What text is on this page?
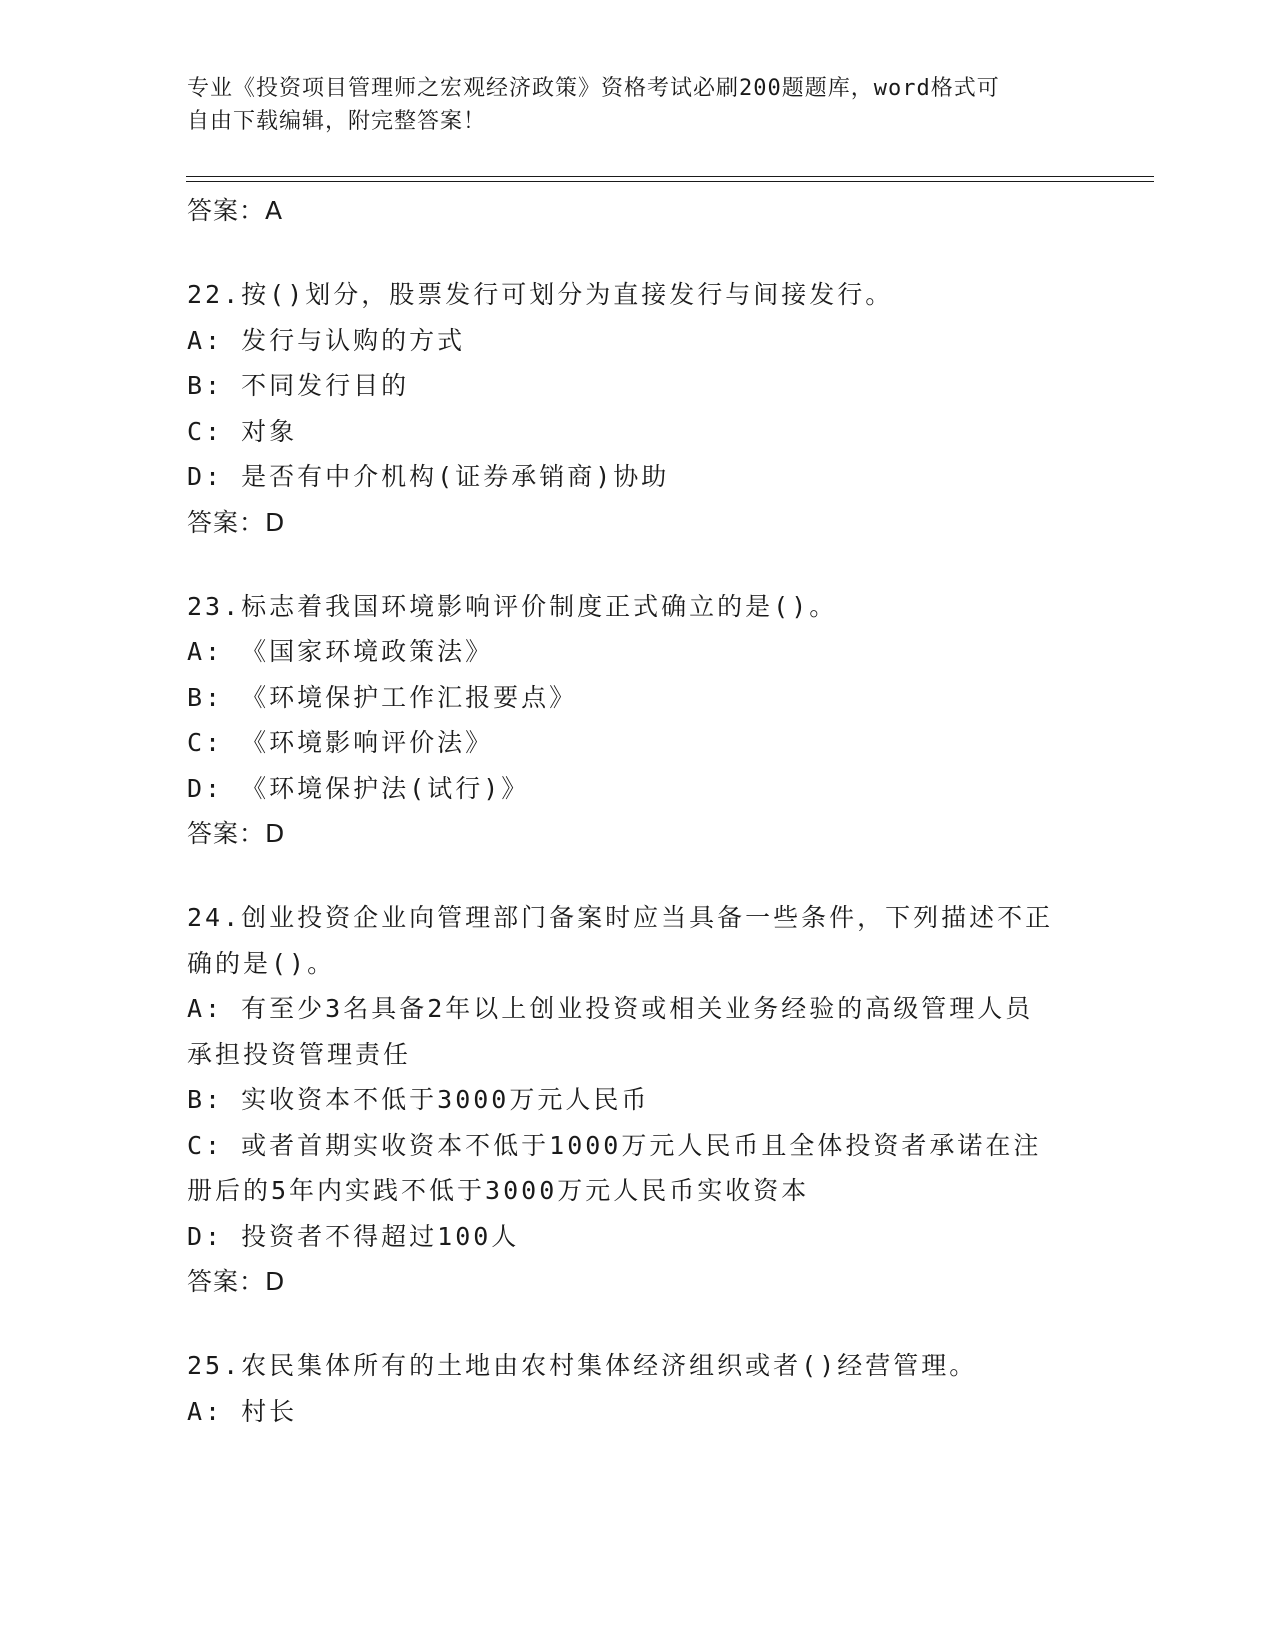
专业《投资项目管理师之宏观经济政策》资格考试必刷200题题库，word格式可
自由下载编辑，附完整答案！
答案：A
22.按()划分，股票发行可划分为直接发行与间接发行。
A: 发行与认购的方式
B: 不同发行目的
C: 对象
D: 是否有中介机构(证券承销商)协助
答案：D
23.标志着我国环境影响评价制度正式确立的是()。
A: 《国家环境政策法》
B: 《环境保护工作汇报要点》
C: 《环境影响评价法》
D: 《环境保护法(试行)》
答案：D
24.创业投资企业向管理部门备案时应当具备一些条件，下列描述不正
确的是()。
A: 有至少3名具备2年以上创业投资或相关业务经验的高级管理人员
承担投资管理责任
B: 实收资本不低于3000万元人民币
C: 或者首期实收资本不低于1000万元人民币且全体投资者承诺在注
册后的5年内实践不低于3000万元人民币实收资本
D: 投资者不得超过100人
答案：D
25.农民集体所有的土地由农村集体经济组织或者()经营管理。
A: 村长
